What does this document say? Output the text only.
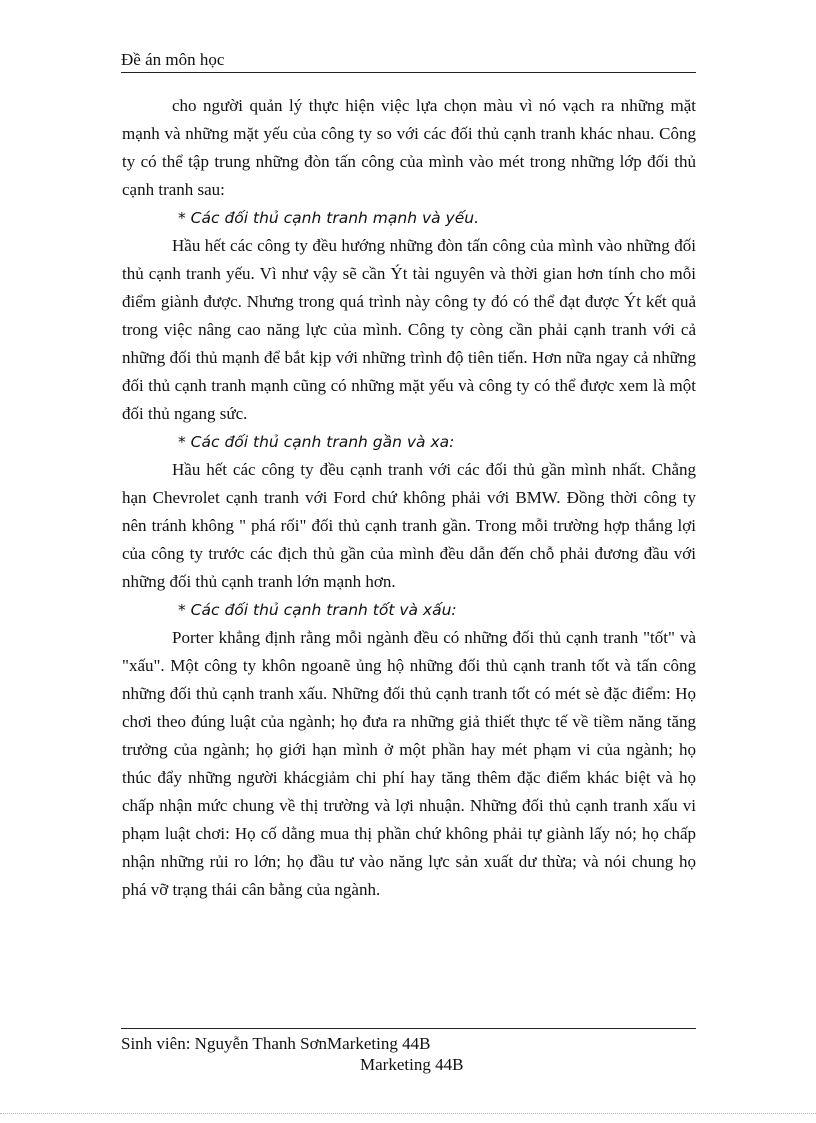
Đề án môn học

cho người quản lý thực hiện việc lựa chọn màu vì nó vạch ra những mặt mạnh và những mặt yếu của công ty so với các đối thủ cạnh tranh khác nhau. Công ty có thể tập trung những đòn tấn công của mình vào mét trong những lớp đối thủ cạnh tranh sau:

* Các đối thủ cạnh tranh mạnh và yếu.

Hầu hết các công ty đều hướng những đòn tấn công của mình vào những đối thủ cạnh tranh yếu. Vì như vậy sẽ cần Ýt tài nguyên và thời gian hơn tính cho mỗi điểm giành được. Nhưng trong quá trình này công ty đó có thể đạt được Ýt kết quả trong việc nâng cao năng lực của mình. Công ty còng cần phải cạnh tranh với cả những đối thủ mạnh để bắt kịp với những trình độ tiên tiến. Hơn nữa ngay cả những đối thủ cạnh tranh mạnh cũng có những mặt yếu và công ty có thể được xem là một đối thủ ngang sức.

* Các đối thủ cạnh tranh gần và xa:

Hầu hết các công ty đều cạnh tranh với các đối thủ gần mình nhất. Chẳng hạn Chevrolet cạnh tranh với Ford chứ không phải với BMW. Đồng thời công ty nên tránh không " phá rối" đối thủ cạnh tranh gần. Trong mỗi trường hợp thắng lợi của công ty trước các địch thủ gần của mình đều dẫn đến chỗ phải đương đầu với những đối thủ cạnh tranh lớn mạnh hơn.

* Các đối thủ cạnh tranh tốt và xấu:

Porter khẳng định rằng mỗi ngành đều có những đối thủ cạnh tranh "tốt" và "xấu". Một công ty khôn ngoanẽ ủng hộ những đối thủ cạnh tranh tốt và tấn công những đối thủ cạnh tranh xấu. Những đối thủ cạnh tranh tốt có mét sè đặc điểm: Họ chơi theo đúng luật của ngành; họ đưa ra những giả thiết thực tế về tiềm năng tăng trưởng của ngành; họ giới hạn mình ở một phần hay mét phạm vi của ngành; họ thúc đẩy những người khácgiảm chi phí hay tăng thêm đặc điểm khác biệt và họ chấp nhận mức chung về thị trường và lợi nhuận. Những đối thủ cạnh tranh xấu vi phạm luật chơi: Họ cố dằng mua thị phần chứ không phải tự giành lấy nó; họ chấp nhận những rủi ro lớn; họ đầu tư vào năng lực sản xuất dư thừa; và nói chung họ phá vỡ trạng thái cân bằng của ngành.

Sinh viên: Nguyễn Thanh SơnMarketing 44B
Marketing 44B
